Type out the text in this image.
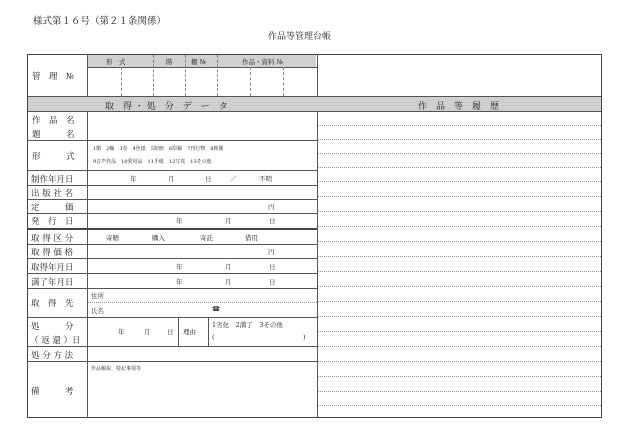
様式第１６号（第２１条関係）
作品等管理台帳
管　理　№
形　式	階	棚 №	作品・資料 №
取　得 ・ 処　分　デ　ー　タ	作　品　等　履　歴
作　品　名
題　　　名
形　　　式
1額　2軸　3巻　4色紙　5短冊　6原稿　7刊行物　8映像
9音声作品　10愛用品　11手紙　12写真　13その他
制作年月日	年	月	日	／	不明
出 版 社 名
定　　　価	円
発　行　日	年	月	日
取 得 区 分	寄贈	購入	寄託	借用
取 得 価 格	円
取得年月日	年	月	日
満了年月日	年	月	日
取　得　先
住所
氏名	☎
処　　　分
（ 返 還 ）日
年	月	日 理由
1劣化　2満了　3その他
(	)
処 分 方 法
備　　　考
作品解説、特記事項等
